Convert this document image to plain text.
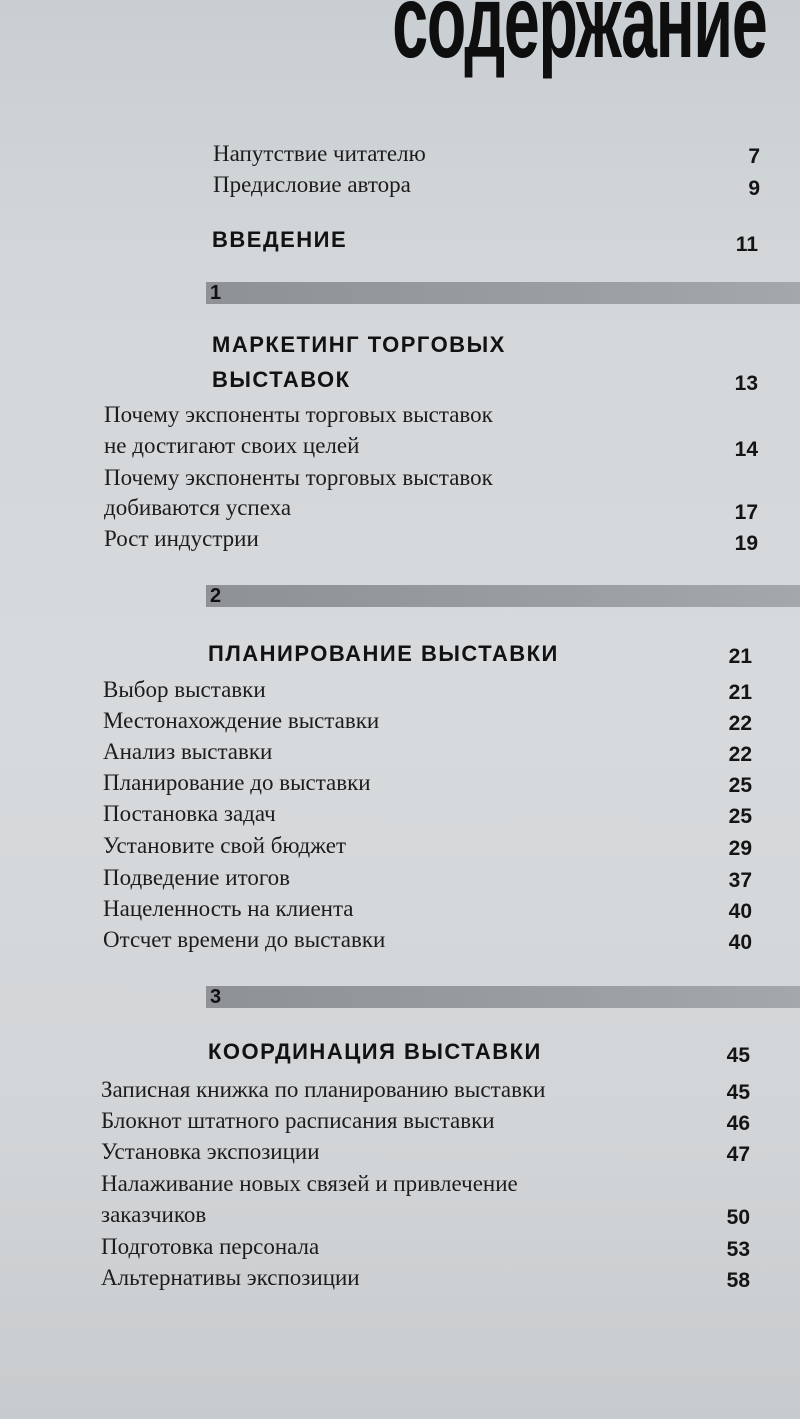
содержание
Напутствие читателю	7
Предисловие автора	9
ВВЕДЕНИЕ	11
1
МАРКЕТИНГ ТОРГОВЫХ
ВЫСТАВОК	13
Почему экспоненты торговых выставок
не достигают своих целей	14
Почему экспоненты торговых выставок
добиваются успеха	17
Рост индустрии	19
2
ПЛАНИРОВАНИЕ ВЫСТАВКИ	21
Выбор выставки	21
Местонахождение выставки	22
Анализ выставки	22
Планирование до выставки	25
Постановка задач	25
Установите свой бюджет	29
Подведение итогов	37
Нацеленность на клиента	40
Отсчет времени до выставки	40
3
КООРДИНАЦИЯ ВЫСТАВКИ	45
Записная книжка по планированию выставки	45
Блокнот штатного расписания выставки	46
Установка экспозиции	47
Налаживание новых связей и привлечение
заказчиков	50
Подготовка персонала	53
Альтернативы экспозиции	58
